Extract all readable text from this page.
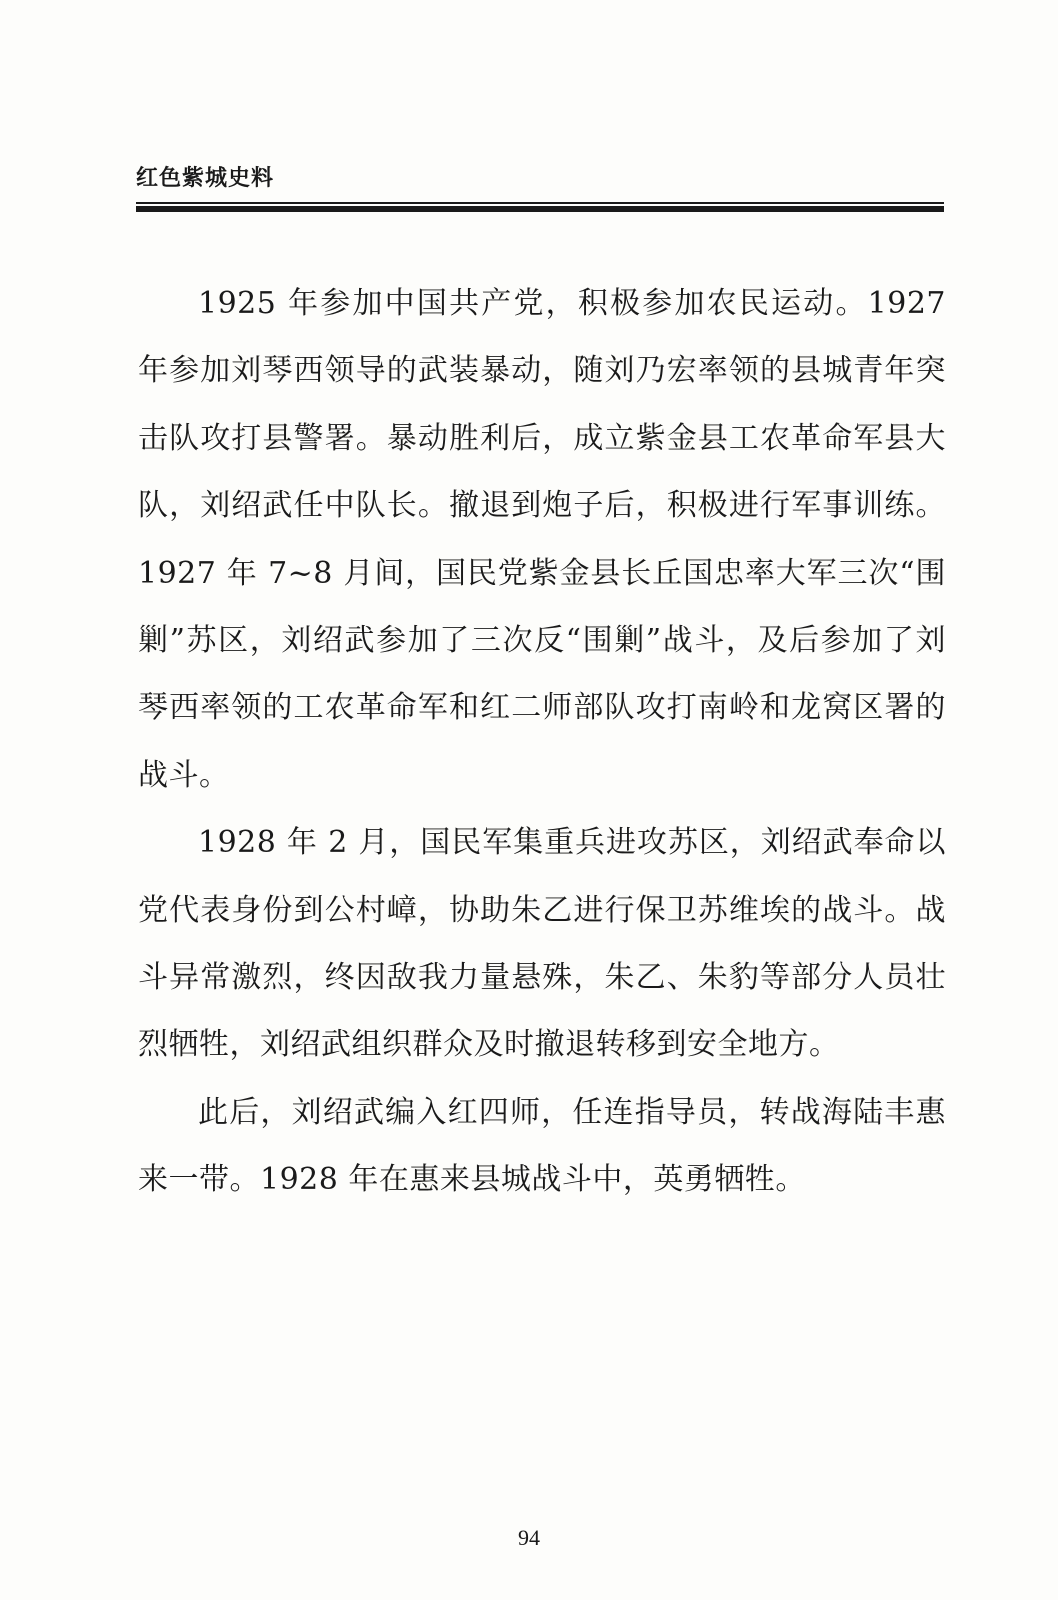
红色紫城史料

1925 年参加中国共产党，积极参加农民运动。1927 年参加刘琴西领导的武装暴动，随刘乃宏率领的县城青年突击队攻打县警署。暴动胜利后，成立紫金县工农革命军县大队，刘绍武任中队长。撤退到炮子后，积极进行军事训练。1927 年 7~8 月间，国民党紫金县长丘国忠率大军三次“围剿”苏区，刘绍武参加了三次反“围剿”战斗，及后参加了刘琴西率领的工农革命军和红二师部队攻打南岭和龙窝区署的战斗。

1928 年 2 月，国民军集重兵进攻苏区，刘绍武奉命以党代表身份到公村嶂，协助朱乙进行保卫苏维埃的战斗。战斗异常激烈，终因敌我力量悬殊，朱乙、朱豹等部分人员壮烈牺牲，刘绍武组织群众及时撤退转移到安全地方。

此后，刘绍武编入红四师，任连指导员，转战海陆丰惠来一带。1928 年在惠来县城战斗中，英勇牺牲。

94
